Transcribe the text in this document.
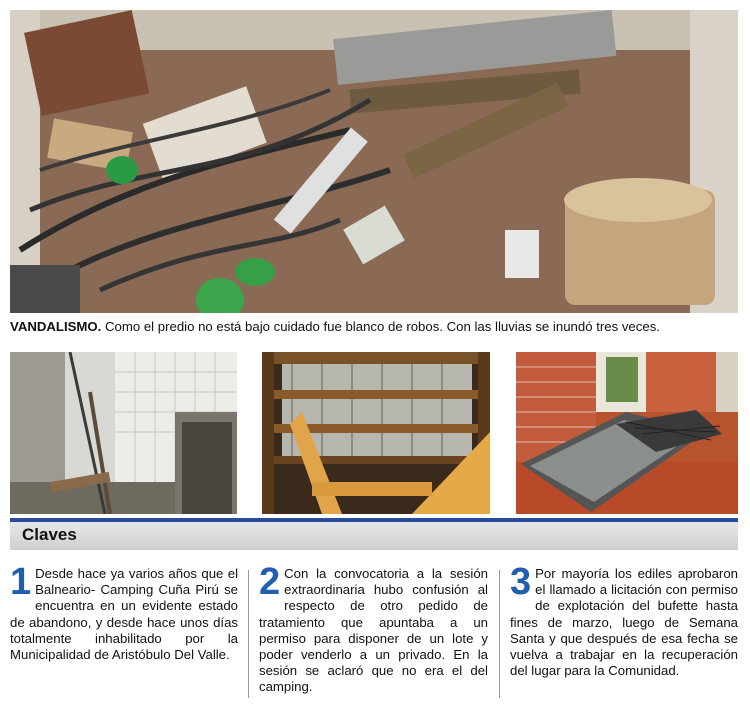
VANDALISMO. Como el predio no está bajo cuidado fue blanco de robos. Con las lluvias se inundó tres veces.
Claves
1 Desde hace ya varios años que el Balneario- Camping Cuña Pirú se encuentra en un evidente estado de abandono, y desde hace unos días totalmente inhabilitado por la Municipalidad de Aristóbulo Del Valle.
2 Con la convocatoria a la sesión extraordinaria hubo confusión al respecto de otro pedido de tratamiento que apuntaba a un permiso para disponer de un lote y poder venderlo a un privado. En la sesión se aclaró que no era el del camping.
3 Por mayoría los ediles aprobaron el llamado a licitación con permiso de explotación del bufette hasta fines de marzo, luego de Semana Santa y que después de esa fecha se vuelva a trabajar en la recuperación del lugar para la Comunidad.
